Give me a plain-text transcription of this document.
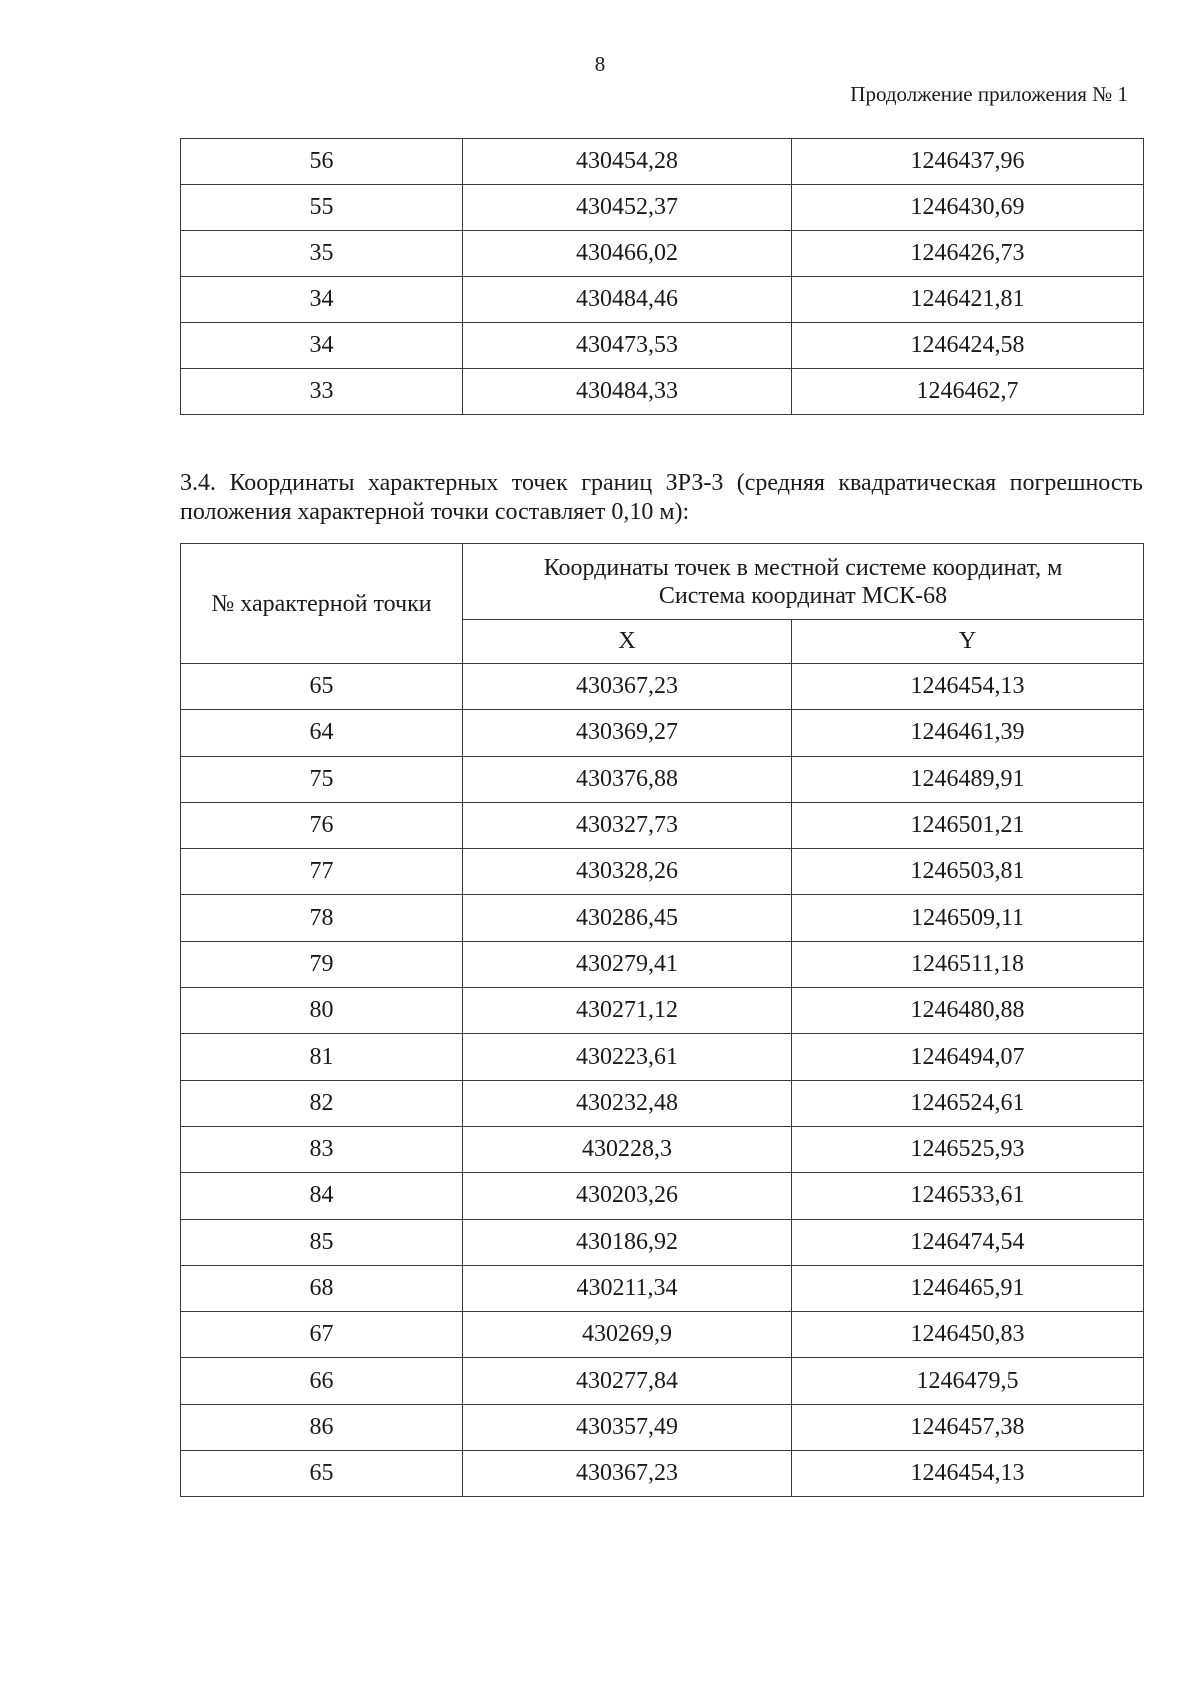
8
Продолжение приложения № 1
56	430454,28	1246437,96
55	430452,37	1246430,69
35	430466,02	1246426,73
34	430484,46	1246421,81
34	430473,53	1246424,58
33	430484,33	1246462,7

3.4. Координаты характерных точек границ ЗРЗ-3 (средняя квадратическая погрешность положения характерной точки составляет 0,10 м):

№ характерной точки	Координаты точек в местной системе координат, м
Система координат МСК-68	

	X	Y
65	430367,23	1246454,13
64	430369,27	1246461,39
75	430376,88	1246489,91
76	430327,73	1246501,21
77	430328,26	1246503,81
78	430286,45	1246509,11
79	430279,41	1246511,18
80	430271,12	1246480,88
81	430223,61	1246494,07
82	430232,48	1246524,61
83	430228,3	1246525,93
84	430203,26	1246533,61
85	430186,92	1246474,54
68	430211,34	1246465,91
67	430269,9	1246450,83
66	430277,84	1246479,5
86	430357,49	1246457,38
65	430367,23	1246454,13
